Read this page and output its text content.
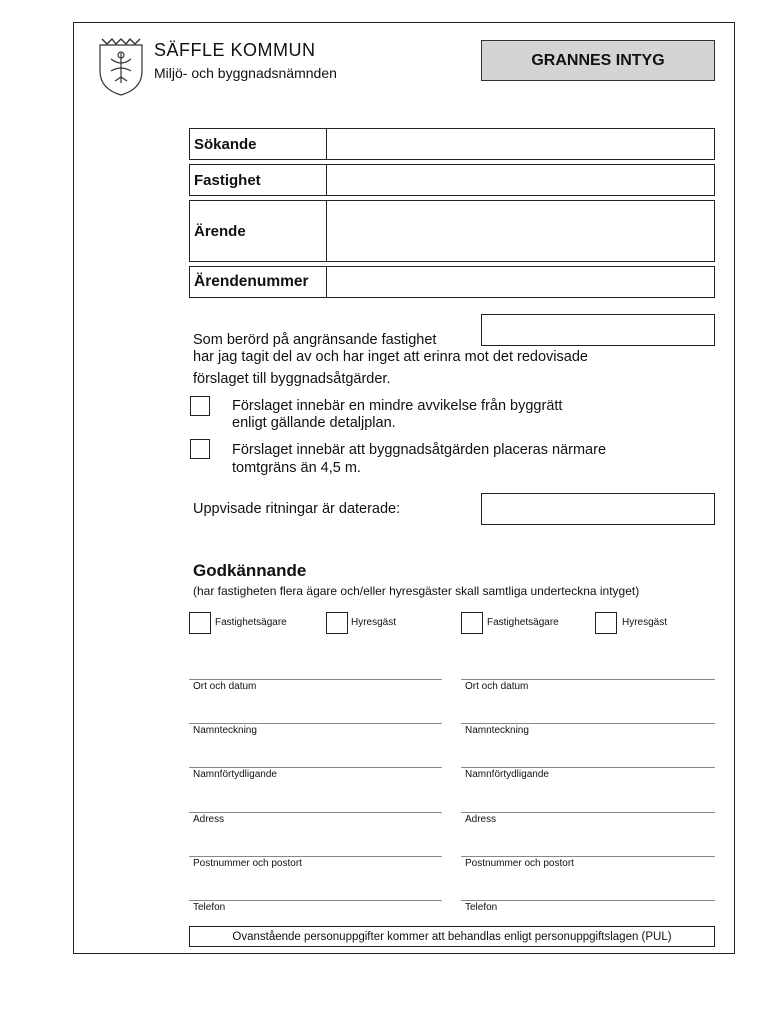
SÄFFLE KOMMUN
Miljö- och byggnadsnämnden
GRANNES INTYG
Sökande
Fastighet
Ärende
Ärendenummer
Som berörd på angränsande fastighet
har jag tagit del av och har inget att erinra mot det redovisade
förslaget till byggnadsåtgärder.
Förslaget innebär en mindre avvikelse från byggrätt
enligt gällande detaljplan.
Förslaget innebär att byggnadsåtgärden placeras närmare
tomtgräns än 4,5 m.
Uppvisade ritningar är daterade:
Godkännande
(har fastigheten flera ägare och/eller hyresgäster skall samtliga underteckna intyget)
Fastighetsägare	Hyresgäst	Fastighetsägare	Hyresgäst
Ort och datum
Namnteckning
Namnförtydligande
Adress
Postnummer och postort
Telefon
Ort och datum
Namnteckning
Namnförtydligande
Adress
Postnummer och postort
Telefon
Ovanstående personuppgifter kommer att behandlas enligt personuppgiftslagen (PUL)
